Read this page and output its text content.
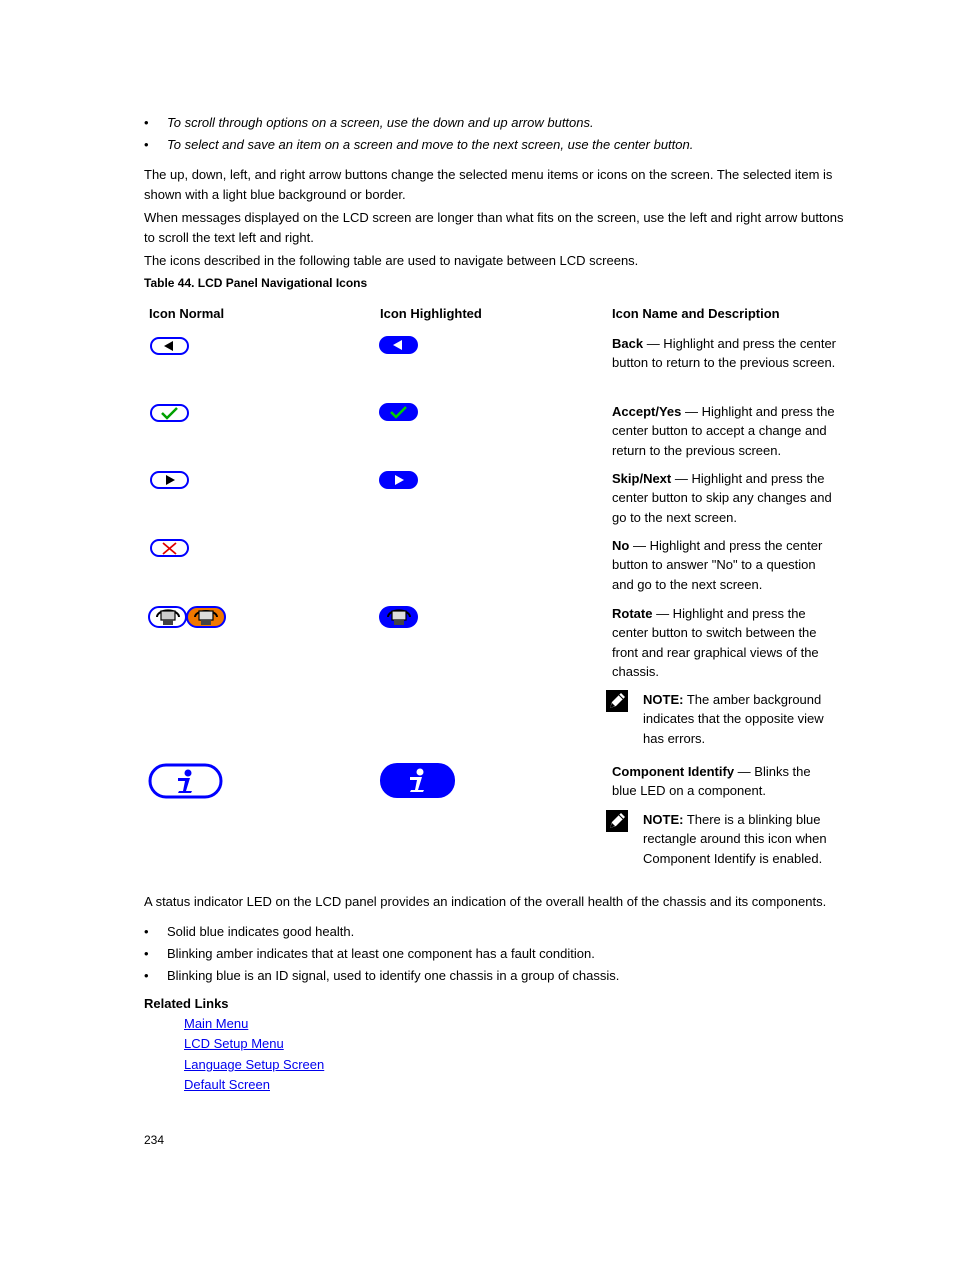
• To scroll through options on a screen, use the down and up arrow buttons.
• To select and save an item on a screen and move to the next screen, use the center button.
The up, down, left, and right arrow buttons change the selected menu items or icons on the screen. The selected item is shown with a light blue background or border.
When messages displayed on the LCD screen are longer than what fits on the screen, use the left and right arrow buttons to scroll the text left and right.
The icons described in the following table are used to navigate between LCD screens.
Table 44. LCD Panel Navigational Icons
Icon Normal	Icon Highlighted	Icon Name and Description
Back — Highlight and press the center button to return to the previous screen.
Accept/Yes — Highlight and press the center button to accept a change and return to the previous screen.
Skip/Next — Highlight and press the center button to skip any changes and go to the next screen.
No — Highlight and press the center button to answer "No" to a question and go to the next screen.
Rotate — Highlight and press the center button to switch between the front and rear graphical views of the chassis.
NOTE: The amber background indicates that the opposite view has errors.
Component Identify — Blinks the blue LED on a component.
NOTE: There is a blinking blue rectangle around this icon when Component Identify is enabled.
A status indicator LED on the LCD panel provides an indication of the overall health of the chassis and its components.
• Solid blue indicates good health.
• Blinking amber indicates that at least one component has a fault condition.
• Blinking blue is an ID signal, used to identify one chassis in a group of chassis.
Related Links
Main Menu
LCD Setup Menu
Language Setup Screen
Default Screen
234
